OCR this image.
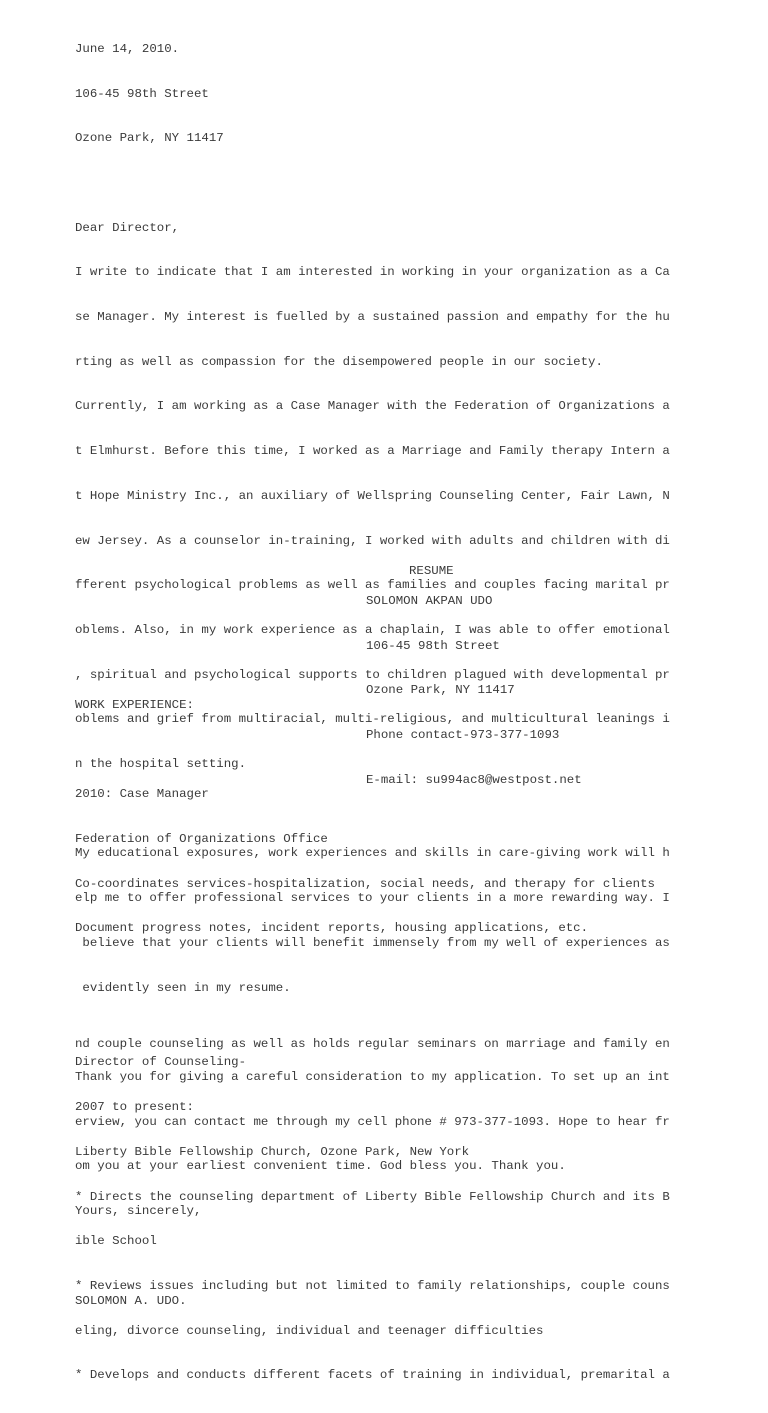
June 14, 2010.

106-45 98th Street

Ozone Park, NY 11417

Dear Director,

I write to indicate that I am interested in working in your organization as a Ca

se Manager. My interest is fuelled by a sustained passion and empathy for the hu

rting as well as compassion for the disempowered people in our society.

Currently, I am working as a Case Manager with the Federation of Organizations a

t Elmhurst. Before this time, I worked as a Marriage and Family therapy Intern a

t Hope Ministry Inc., an auxiliary of Wellspring Counseling Center, Fair Lawn, N

ew Jersey. As a counselor in-training, I worked with adults and children with di

fferent psychological problems as well as families and couples facing marital pr

oblems. Also, in my work experience as a chaplain, I was able to offer emotional

, spiritual and psychological supports to children plagued with developmental pr

oblems and grief from multiracial, multi-religious, and multicultural leanings i

n the hospital setting.

My educational exposures, work experiences and skills in care-giving work will h

elp me to offer professional services to your clients in a more rewarding way. I

believe that your clients will benefit immensely from my well of experiences as

evidently seen in my resume.

Thank you for giving a careful consideration to my application. To set up an int

erview, you can contact me through my cell phone # 973-377-1093. Hope to hear fr

om you at your earliest convenient time. God bless you. Thank you.

Yours, sincerely,

SOLOMON A. UDO.

RESUME

SOLOMON AKPAN UDO

106-45 98th Street

Ozone Park, NY 11417

Phone contact-973-377-1093

E-mail: su994ac8@westpost.net

WORK EXPERIENCE:

2010: Case Manager

Federation of Organizations Office

Co-coordinates services-hospitalization, social needs, and therapy for clients

Document progress notes, incident reports, housing applications, etc.

Director of Counseling-

2007 to present:

Liberty Bible Fellowship Church, Ozone Park, New York

* Directs the counseling department of Liberty Bible Fellowship Church and its B

ible School

* Reviews issues including but not limited to family relationships, couple couns

eling, divorce counseling, individual and teenager difficulties

* Develops and conducts different facets of training in individual, premarital a

nd couple counseling as well as holds regular seminars on marriage and family en
